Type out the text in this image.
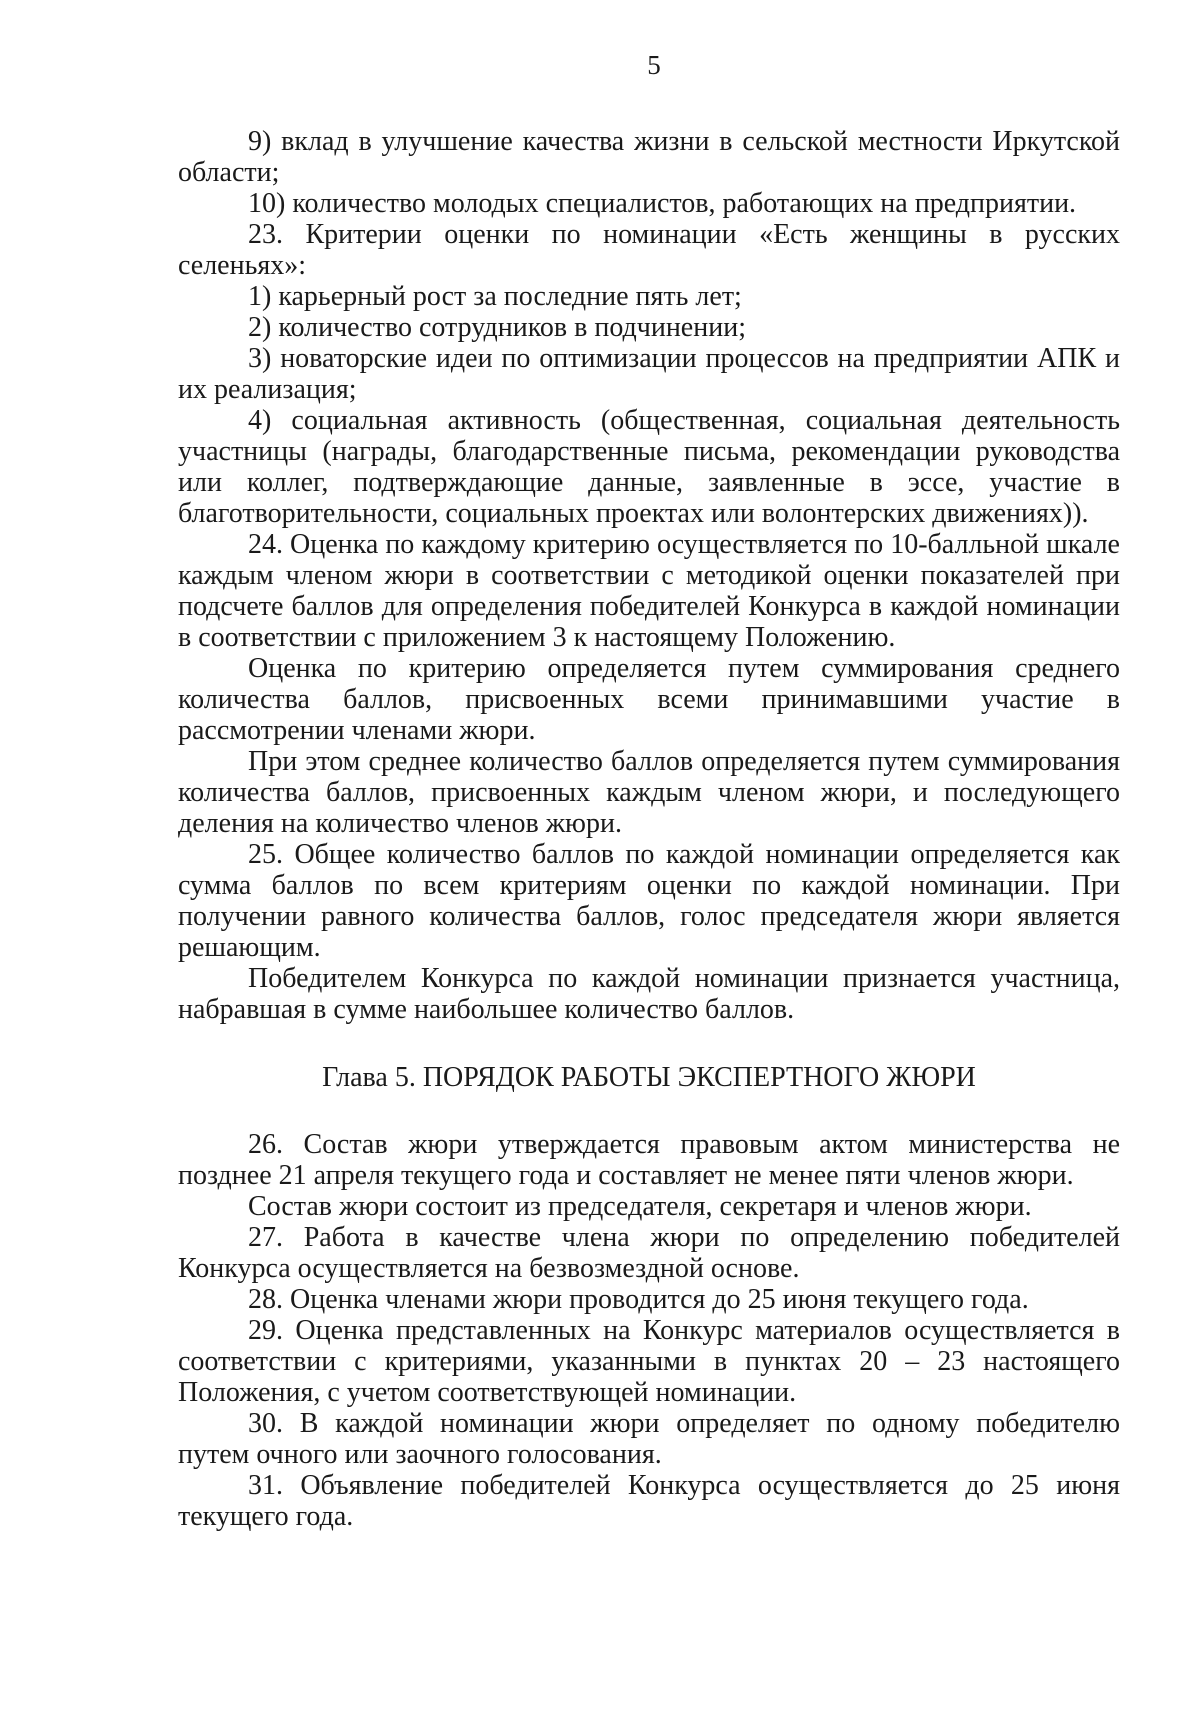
5

9) вклад в улучшение качества жизни в сельской местности Иркутской области;

10) количество молодых специалистов, работающих на предприятии.

23. Критерии оценки по номинации «Есть женщины в русских селеньях»:

1) карьерный рост за последние пять лет;

2) количество сотрудников в подчинении;

3) новаторские идеи по оптимизации процессов на предприятии АПК и их реализация;

4) социальная активность (общественная, социальная деятельность участницы (награды, благодарственные письма, рекомендации руководства или коллег, подтверждающие данные, заявленные в эссе, участие в благотворительности, социальных проектах или волонтерских движениях)).

24. Оценка по каждому критерию осуществляется по 10-балльной шкале каждым членом жюри в соответствии с методикой оценки показателей при подсчете баллов для определения победителей Конкурса в каждой номинации в соответствии с приложением 3 к настоящему Положению.

Оценка по критерию определяется путем суммирования среднего количества баллов, присвоенных всеми принимавшими участие в рассмотрении членами жюри.

При этом среднее количество баллов определяется путем суммирования количества баллов, присвоенных каждым членом жюри, и последующего деления на количество членов жюри.

25. Общее количество баллов по каждой номинации определяется как сумма баллов по всем критериям оценки по каждой номинации. При получении равного количества баллов, голос председателя жюри является решающим.

Победителем Конкурса по каждой номинации признается участница, набравшая в сумме наибольшее количество баллов.

Глава 5. ПОРЯДОК РАБОТЫ ЭКСПЕРТНОГО ЖЮРИ

26. Состав жюри утверждается правовым актом министерства не позднее 21 апреля текущего года и составляет не менее пяти членов жюри.

Состав жюри состоит из председателя, секретаря и членов жюри.

27. Работа в качестве члена жюри по определению победителей Конкурса осуществляется на безвозмездной основе.

28. Оценка членами жюри проводится до 25 июня текущего года.

29. Оценка представленных на Конкурс материалов осуществляется в соответствии с критериями, указанными в пунктах 20 – 23 настоящего Положения, с учетом соответствующей номинации.

30. В каждой номинации жюри определяет по одному победителю путем очного или заочного голосования.

31. Объявление победителей Конкурса осуществляется до 25 июня текущего года.
